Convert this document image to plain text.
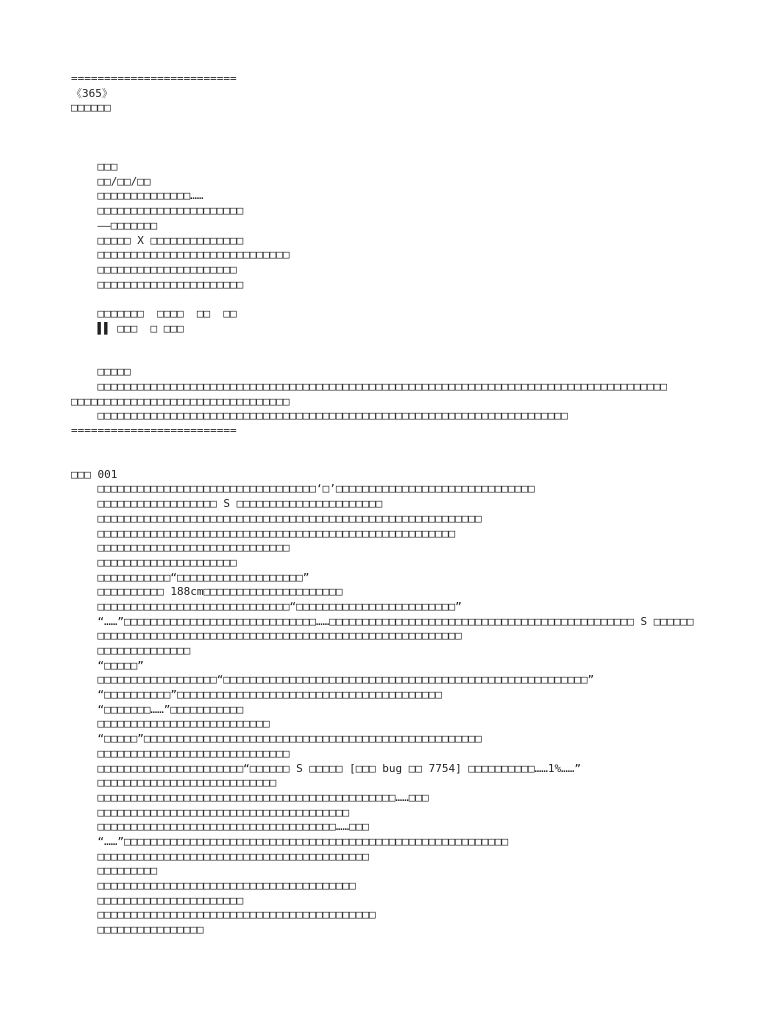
=========================
《365》
□□□□□□
□□□
□□/□□/□□
□□□□□□□□□□□□□□……
□□□□□□□□□□□□□□□□□□□□□□
——□□□□□□□
□□□□□ X □□□□□□□□□□□□□□
□□□□□□□□□□□□□□□□□□□□□□□□□□□□□
□□□□□□□□□□□□□□□□□□□□□
□□□□□□□□□□□□□□□□□□□□□□
□□□□□□□  □□□□  □□  □□
▌▌ □□□  □ □□□
□□□□□
□□□□□□□□□□□□□□□□□□□□□□□□□□□□□□□□□□□□□□□□□□□□□□□□□□□□□□□□□□□□□□□□□□□□□□□□□□□□□□□□□□□□□□
□□□□□□□□□□□□□□□□□□□□□□□□□□□□□□□□□
□□□□□□□□□□□□□□□□□□□□□□□□□□□□□□□□□□□□□□□□□□□□□□□□□□□□□□□□□□□□□□□□□□□□□□□
=========================
□□□ 001
□□□□□□□□□□□□□□□□□□□□□□□□□□□□□□□□□‘□’□□□□□□□□□□□□□□□□□□□□□□□□□□□□□□
□□□□□□□□□□□□□□□□□□ S □□□□□□□□□□□□□□□□□□□□□□
□□□□□□□□□□□□□□□□□□□□□□□□□□□□□□□□□□□□□□□□□□□□□□□□□□□□□□□□□□
□□□□□□□□□□□□□□□□□□□□□□□□□□□□□□□□□□□□□□□□□□□□□□□□□□□□□□
□□□□□□□□□□□□□□□□□□□□□□□□□□□□□
□□□□□□□□□□□□□□□□□□□□□
□□□□□□□□□□□“□□□□□□□□□□□□□□□□□□□”
□□□□□□□□□□ 188cm□□□□□□□□□□□□□□□□□□□□□
□□□□□□□□□□□□□□□□□□□□□□□□□□□□□“□□□□□□□□□□□□□□□□□□□□□□□□”
“……”□□□□□□□□□□□□□□□□□□□□□□□□□□□□□……□□□□□□□□□□□□□□□□□□□□□□□□□□□□□□□□□□□□□□□□□□□□□□ S □□□□□□
□□□□□□□□□□□□□□□□□□□□□□□□□□□□□□□□□□□□□□□□□□□□□□□□□□□□□□□
□□□□□□□□□□□□□□
“□□□□□”
□□□□□□□□□□□□□□□□□□“□□□□□□□□□□□□□□□□□□□□□□□□□□□□□□□□□□□□□□□□□□□□□□□□□□□□□□□”
“□□□□□□□□□□”□□□□□□□□□□□□□□□□□□□□□□□□□□□□□□□□□□□□□□□□
“□□□□□□□……”□□□□□□□□□□□
□□□□□□□□□□□□□□□□□□□□□□□□□□
“□□□□□”□□□□□□□□□□□□□□□□□□□□□□□□□□□□□□□□□□□□□□□□□□□□□□□□□□□
□□□□□□□□□□□□□□□□□□□□□□□□□□□□□
□□□□□□□□□□□□□□□□□□□□□□“□□□□□□ S □□□□□ [□□□ bug □□ 7754] □□□□□□□□□□……1%……”
□□□□□□□□□□□□□□□□□□□□□□□□□□□
□□□□□□□□□□□□□□□□□□□□□□□□□□□□□□□□□□□□□□□□□□□□□……□□□
□□□□□□□□□□□□□□□□□□□□□□□□□□□□□□□□□□□□□□
□□□□□□□□□□□□□□□□□□□□□□□□□□□□□□□□□□□□……□□□
“……”□□□□□□□□□□□□□□□□□□□□□□□□□□□□□□□□□□□□□□□□□□□□□□□□□□□□□□□□□□
□□□□□□□□□□□□□□□□□□□□□□□□□□□□□□□□□□□□□□□□□
□□□□□□□□□
□□□□□□□□□□□□□□□□□□□□□□□□□□□□□□□□□□□□□□□
□□□□□□□□□□□□□□□□□□□□□□
□□□□□□□□□□□□□□□□□□□□□□□□□□□□□□□□□□□□□□□□□□
□□□□□□□□□□□□□□□□
